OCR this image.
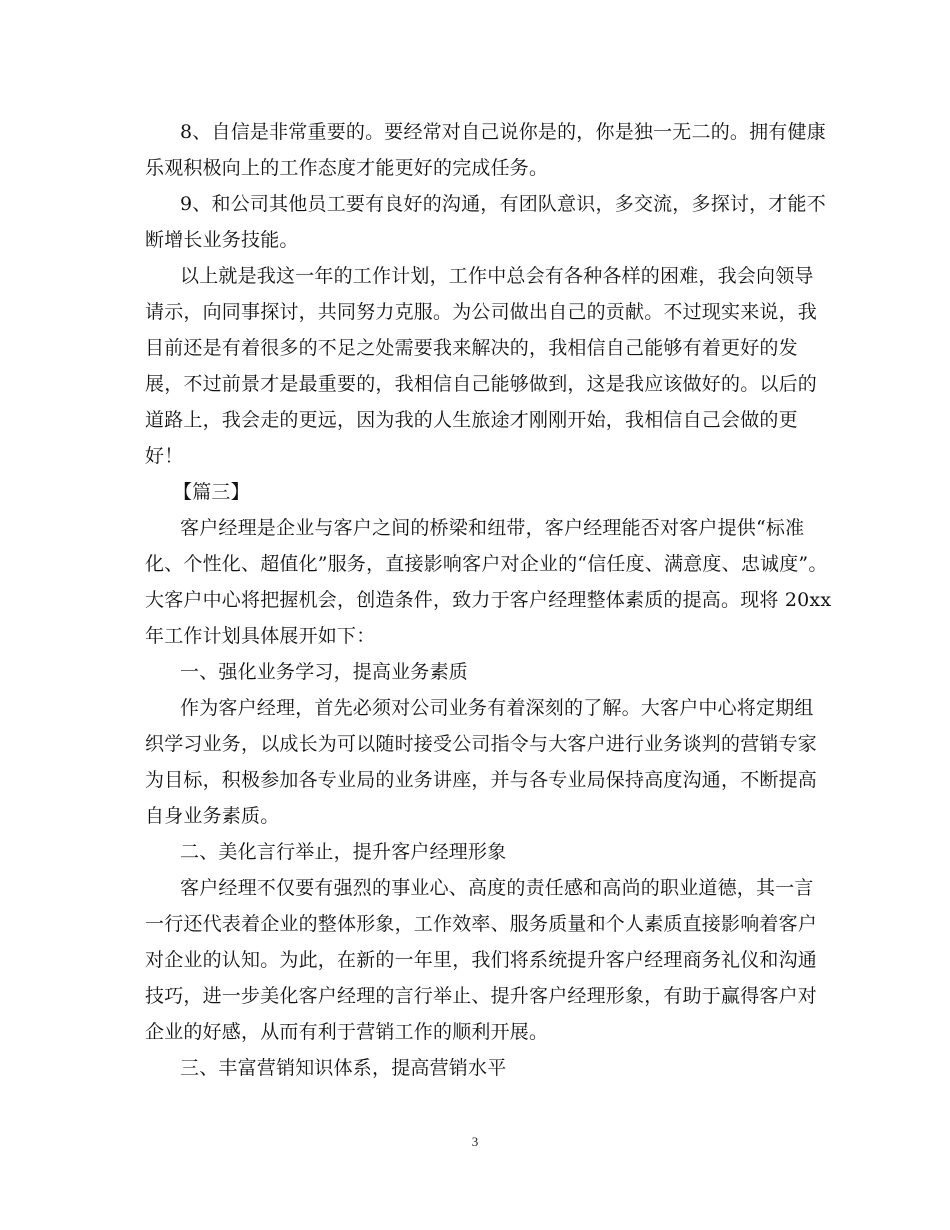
8、自信是非常重要的。要经常对自己说你是的，你是独一无二的。拥有健康
乐观积极向上的工作态度才能更好的完成任务。
9、和公司其他员工要有良好的沟通，有团队意识，多交流，多探讨，才能不
断增长业务技能。
以上就是我这一年的工作计划，工作中总会有各种各样的困难，我会向领导
请示，向同事探讨，共同努力克服。为公司做出自己的贡献。不过现实来说，我
目前还是有着很多的不足之处需要我来解决的，我相信自己能够有着更好的发
展，不过前景才是最重要的，我相信自己能够做到，这是我应该做好的。以后的
道路上，我会走的更远，因为我的人生旅途才刚刚开始，我相信自己会做的更
好！
【篇三】
客户经理是企业与客户之间的桥梁和纽带，客户经理能否对客户提供“标准
化、个性化、超值化”服务，直接影响客户对企业的“信任度、满意度、忠诚度”。
大客户中心将把握机会，创造条件，致力于客户经理整体素质的提高。现将 20xx
年工作计划具体展开如下：
一、强化业务学习，提高业务素质
作为客户经理，首先必须对公司业务有着深刻的了解。大客户中心将定期组
织学习业务，以成长为可以随时接受公司指令与大客户进行业务谈判的营销专家
为目标，积极参加各专业局的业务讲座，并与各专业局保持高度沟通，不断提高
自身业务素质。
二、美化言行举止，提升客户经理形象
客户经理不仅要有强烈的事业心、高度的责任感和高尚的职业道德，其一言
一行还代表着企业的整体形象，工作效率、服务质量和个人素质直接影响着客户
对企业的认知。为此，在新的一年里，我们将系统提升客户经理商务礼仪和沟通
技巧，进一步美化客户经理的言行举止、提升客户经理形象，有助于赢得客户对
企业的好感，从而有利于营销工作的顺利开展。
三、丰富营销知识体系，提高营销水平
3
